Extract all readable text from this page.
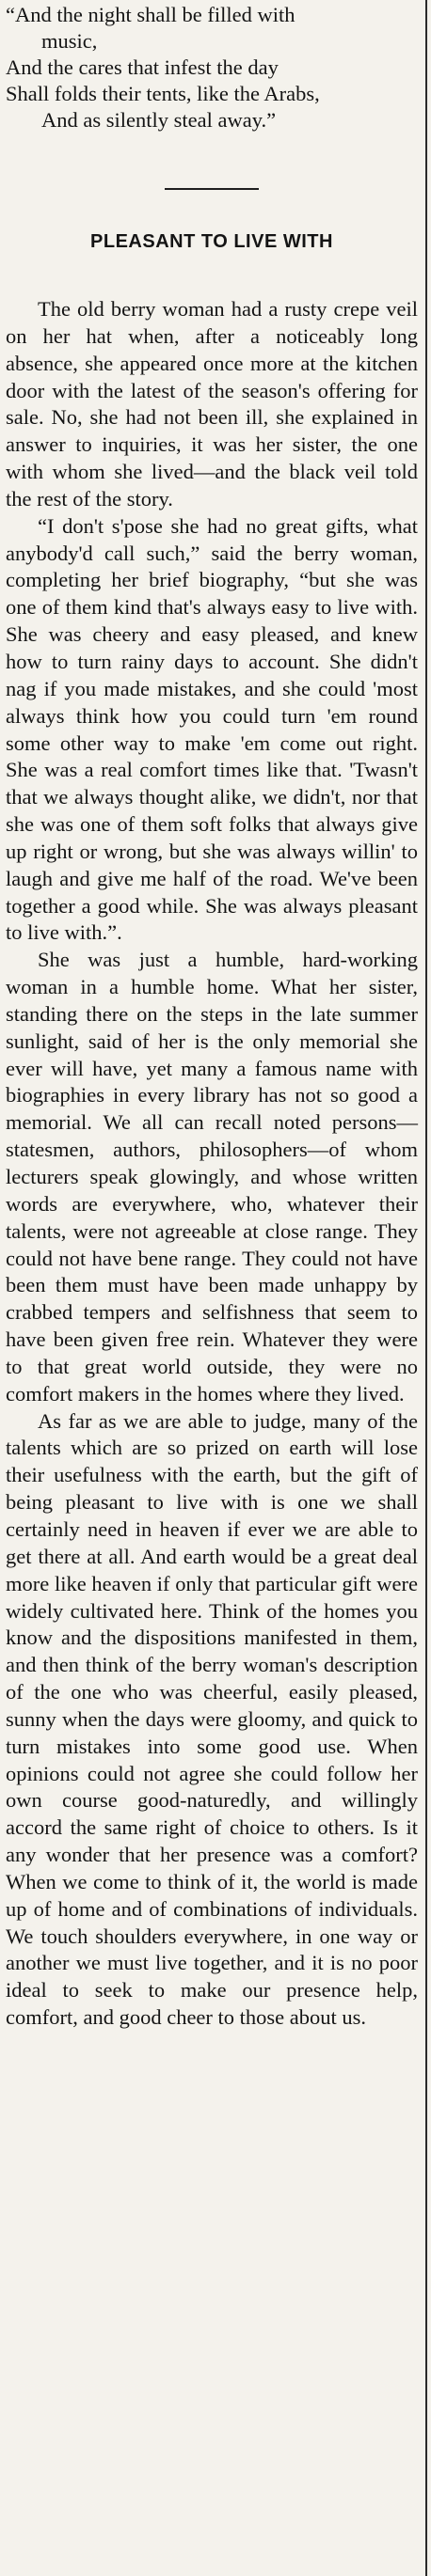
“And the night shall be filled with
music,
And the cares that infest the day
Shall folds their tents, like the Arabs,
And as silently steal away.”
PLEASANT TO LIVE WITH

The old berry woman had a rusty crepe veil on her hat when, after a noticeably long absence, she appeared once more at the kitchen door with the latest of the season's offering for sale. No, she had not been ill, she explained in answer to inquiries, it was her sister, the one with whom she lived—and the black veil told the rest of the story.

“I don't s'pose she had no great gifts, what anybody'd call such,” said the berry woman, completing her brief biography, “but she was one of them kind that's always easy to live with. She was cheery and easy pleased, and knew how to turn rainy days to account. She didn't nag if you made mistakes, and she could 'most always think how you could turn 'em round some other way to make 'em come out right. She was a real comfort times like that. 'Twasn't that we always thought alike, we didn't, nor that she was one of them soft folks that always give up right or wrong, but she was always willin' to laugh and give me half of the road. We've been together a good while. She was always pleasant to live with.”.

She was just a humble, hard-working woman in a humble home. What her sister, standing there on the steps in the late summer sunlight, said of her is the only memorial she ever will have, yet many a famous name with biographies in every library has not so good a memorial. We all can recall noted persons—statesmen, authors, philosophers—of whom lecturers speak glowingly, and whose written words are everywhere, who, whatever their talents, were not agreeable at close range. They could not have bene range. They could not have been them must have been made unhappy by crabbed tempers and selfishness that seem to have been given free rein. Whatever they were to that great world outside, they were no comfort makers in the homes where they lived.

As far as we are able to judge, many of the talents which are so prized on earth will lose their usefulness with the earth, but the gift of being pleasant to live with is one we shall certainly need in heaven if ever we are able to get there at all. And earth would be a great deal more like heaven if only that particular gift were widely cultivated here. Think of the homes you know and the dispositions manifested in them, and then think of the berry woman's description of the one who was cheerful, easily pleased, sunny when the days were gloomy, and quick to turn mistakes into some good use. When opinions could not agree she could follow her own course good-naturedly, and willingly accord the same right of choice to others. Is it any wonder that her presence was a comfort? When we come to think of it, the world is made up of home and of combinations of individuals. We touch shoulders everywhere, in one way or another we must live together, and it is no poor ideal to seek to make our presence help, comfort, and good cheer to those about us.
